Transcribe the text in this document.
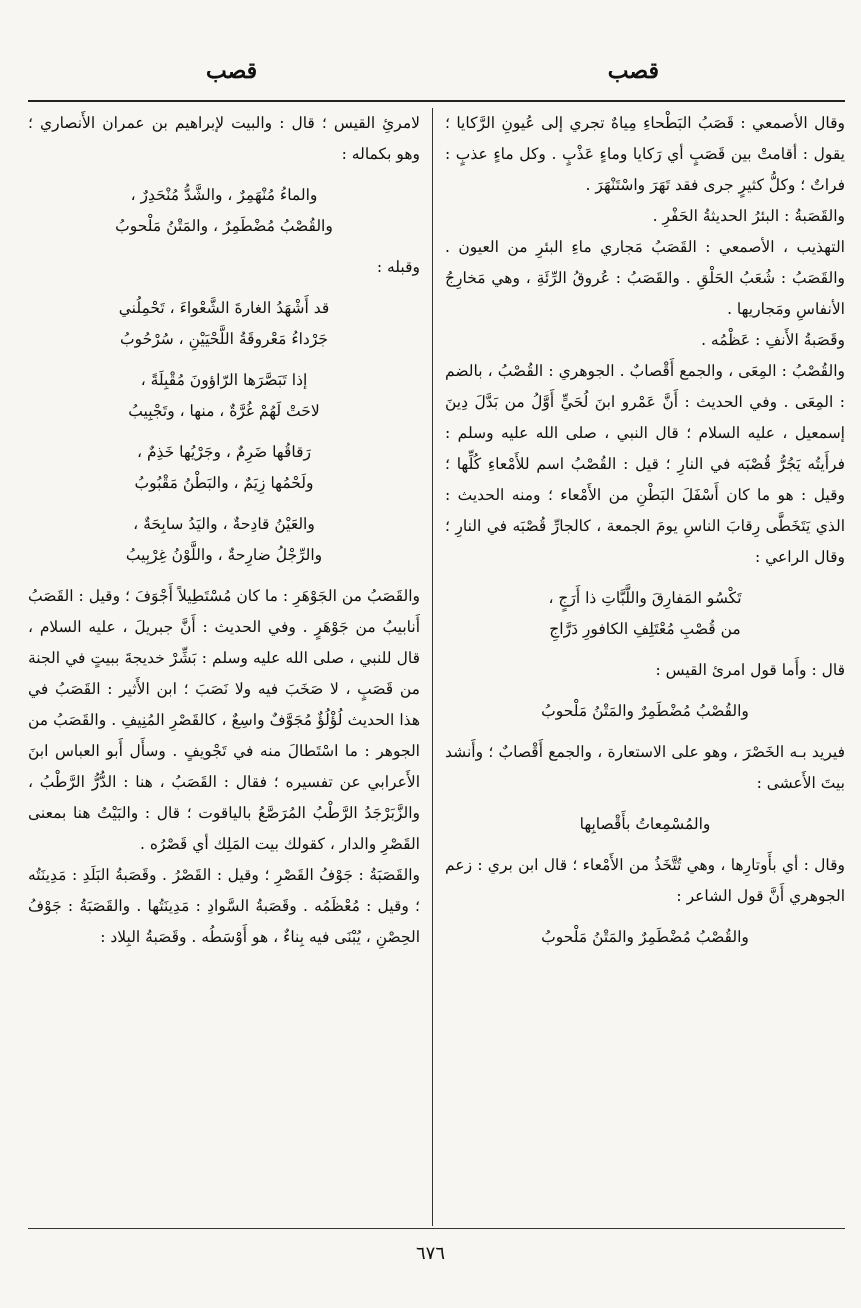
قصب
قصب

وقال الأصمعي : قَصَبُ البَطْحاءِ مِياهٌ تجري إلى عُيونِ الرَّكايا ؛ يقول : أقامتْ بين قَصَبٍ أي رَكايا وماءٍ عَذْبٍ . وكل ماءٍ عذبٍ : فراتٌ ؛ وكلُّ كثيرٍ جرى فقد تَهَرَ واسْتَنْهَرَ .

والقَصَبةُ : البئرُ الحديثةُ الحَفْرِ .

التهذيب ، الأصمعي : القَصَبُ مَجاري ماءِ البئرِ من العيون . والقَصَبُ : شُعَبُ الحَلْقِ . والقَصَبُ : عُروقُ الرِّئَةِ ، وهي مَخارِجُ الأنفاسِ ومَجاريها .

وقَصَبةُ الأَنفِ : عَظْمُه .

والقُصْبُ : المِعَى ، والجمع أَقْصابٌ . الجوهري : القُصْبُ ، بالضم : المِعَى . وفي الحديث : أَنَّ عَمْرو ابنَ لُحَيٍّ أَوَّلُ من بَدَّلَ دِينَ إسمعيل ، عليه السلام ؛ قال النبي ، صلى الله عليه وسلم : فرأَيتُه يَجُرُّ قُصْبَه في النارِ ؛ قيل : القُصْبُ اسم للأَمْعاءِ كُلِّها ؛ وقيل : هو ما كان أَسْفَلَ البَطْنِ من الأَمْعاء ؛ ومنه الحديث : الذي يَتَخَطَّى رِقابَ الناسِ يومَ الجمعة ، كالجارِّ قُصْبَه في النارِ ؛ وقال الراعي :

تَكْسُو المَفارِقَ واللَّبَّاتِ ذا أَرَجٍ ،
من قُصْبِ مُعْتَلِفِ الكافورِ دَرَّاجِ

قال : وأَما قول امرئ القيس :

والقُصْبُ مُضْطَمِرٌ والمَتْنُ مَلْحوبُ

فيريد بـه الخَصْرَ ، وهو على الاستعارة ، والجمع أَقْصابٌ ؛ وأَنشد بيتَ الأَعشى :

والمُسْمِعاتُ بأَقْصابِها

وقال : أي بأَوتارِها ، وهي تُتَّخَذُ من الأَمْعاء ؛ قال ابن بري : زعم الجوهري أَنَّ قول الشاعر :

والقُصْبُ مُضْطَمِرٌ والمَتْنُ مَلْحوبُ

لامرئِ القيس ؛ قال : والبيت لإبراهيم بن عمران الأَنصاري ؛ وهو بكماله :

والماءُ مُنْهَمِرٌ ، والشَّدُّ مُنْحَدِرٌ ،
والقُصْبُ مُضْطَمِرٌ ، والمَتْنُ مَلْحوبُ

وقبله :

قد أَشْهَدُ الغارةَ الشَّعْواءَ ، تَحْمِلُني
جَرْداءُ مَعْروقَةُ اللَّحْيَيْنِ ، سُرْحُوبُ
إذا تَبَصَّرَها الرّاؤونَ مُقْبِلَةً ،
لاحَتْ لَهُمْ غُرَّةٌ ، منها ، وتَجْبِيبُ
رَقاقُها ضَرِمٌ ، وجَرْيُها خَذِمٌ ،
ولَحْمُها زِيَمٌ ، والبَطْنُ مَقْبُوبُ
والعَيْنُ قادِحةٌ ، واليَدُ سابِحَةٌ ،
والرِّجْلُ ضارِحةٌ ، واللَّوْنُ غِرْبِيبُ

والقَصَبُ من الجَوْهَرِ : ما كان مُسْتَطِيلاً أَجْوَفَ ؛ وقيل : القَصَبُ أَنابيبُ من جَوْهَرٍ . وفي الحديث : أَنَّ جبريلَ ، عليه السلام ، قال للنبي ، صلى الله عليه وسلم : بَشِّرْ خديجةَ ببيتٍ في الجنة من قَصَبٍ ، لا صَخَبَ فيه ولا نَصَبَ ؛ ابن الأَثير : القَصَبُ في هذا الحديث لُؤْلُؤٌ مُجَوَّفٌ واسِعٌ ، كالقَصْرِ المُنِيفِ . والقَصَبُ من الجوهر : ما اسْتَطالَ منه في تَجْويفٍ . وسأَل أَبو العباس ابنَ الأَعرابي عن تفسيره ؛ فقال : القَصَبُ ، هنا : الدُّرُّ الرَّطْبُ ، والزَّبَرْجَدُ الرَّطْبُ المُرَصَّعُ بالياقوت ؛ قال : والبَيْتُ هنا بمعنى القَصْرِ والدار ، كقولك بيت المَلِك أي قَصْرُه .

والقَصَبَةُ : جَوْفُ القَصْرِ ؛ وقيل : القَصْرُ . وقَصَبةُ البَلَدِ : مَدِينَتُه ؛ وقيل : مُعْظَمُه . وقَصَبةُ السَّوادِ : مَدِينَتُها . والقَصَبَةُ : جَوْفُ الحِصْنِ ، يُبْنَى فيه بِناءٌ ، هو أَوْسَطُه . وقَصَبةُ البِلاد :

٦٧٦
